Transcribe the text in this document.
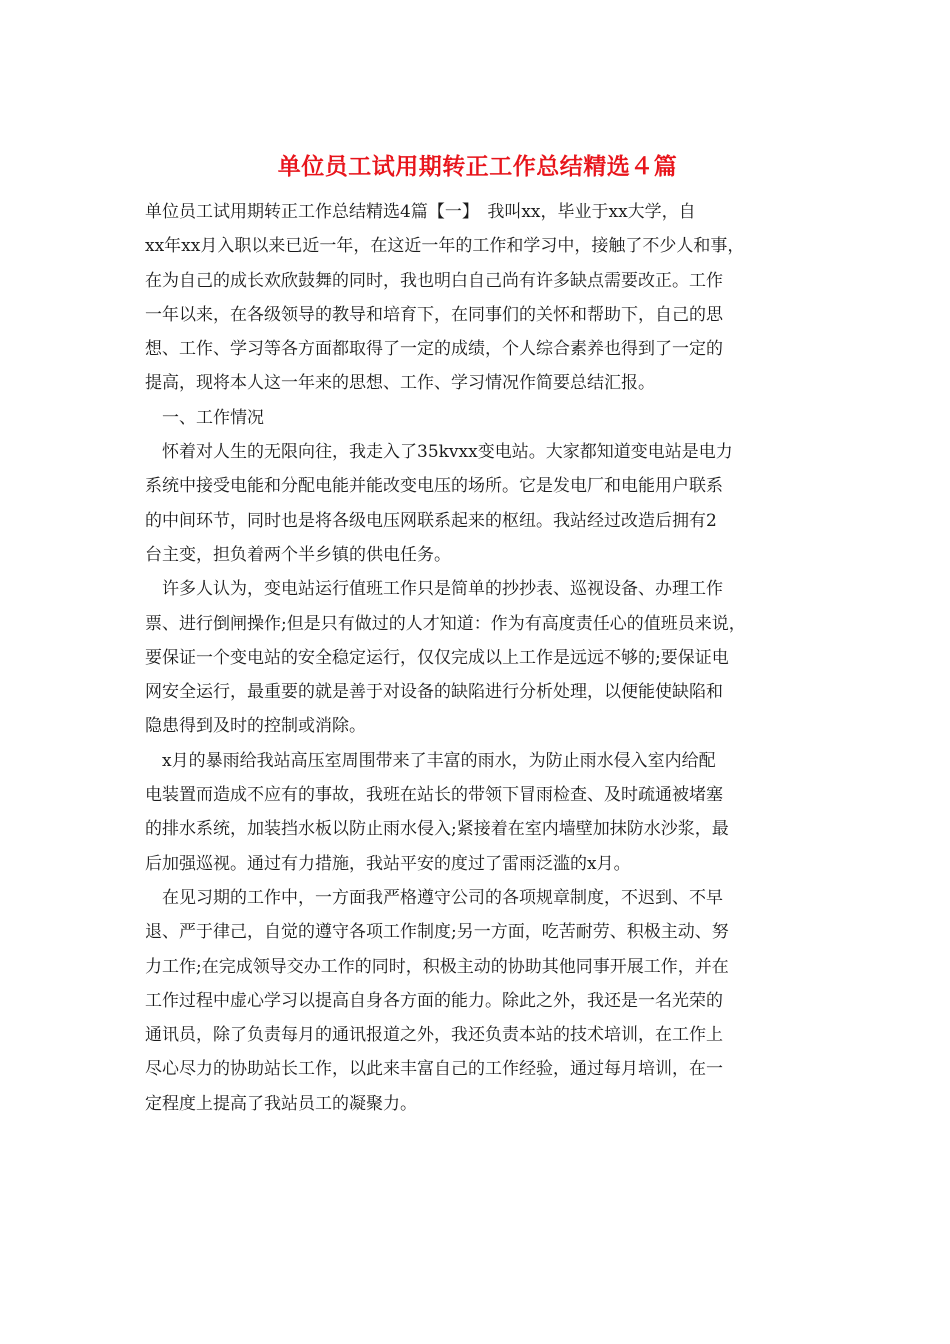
单位员工试用期转正工作总结精选４篇
单位员工试用期转正工作总结精选4篇【一】　我叫xx，毕业于xx大学，自
xx年xx月入职以来已近一年，在这近一年的工作和学习中，接触了不少人和事，
在为自己的成长欢欣鼓舞的同时，我也明白自己尚有许多缺点需要改正。工作
一年以来，在各级领导的教导和培育下，在同事们的关怀和帮助下，自己的思
想、工作、学习等各方面都取得了一定的成绩，个人综合素养也得到了一定的
提高，现将本人这一年来的思想、工作、学习情况作简要总结汇报。
一、工作情况
怀着对人生的无限向往，我走入了35kvxx变电站。大家都知道变电站是电力
系统中接受电能和分配电能并能改变电压的场所。它是发电厂和电能用户联系
的中间环节，同时也是将各级电压网联系起来的枢纽。我站经过改造后拥有2
台主变，担负着两个半乡镇的供电任务。
许多人认为，变电站运行值班工作只是简单的抄抄表、巡视设备、办理工作
票、进行倒闸操作;但是只有做过的人才知道：作为有高度责任心的值班员来说，
要保证一个变电站的安全稳定运行，仅仅完成以上工作是远远不够的;要保证电
网安全运行，最重要的就是善于对设备的缺陷进行分析处理，以便能使缺陷和
隐患得到及时的控制或消除。
x月的暴雨给我站高压室周围带来了丰富的雨水，为防止雨水侵入室内给配
电装置而造成不应有的事故，我班在站长的带领下冒雨检查、及时疏通被堵塞
的排水系统，加装挡水板以防止雨水侵入;紧接着在室内墙壁加抹防水沙浆，最
后加强巡视。通过有力措施，我站平安的度过了雷雨泛滥的x月。
在见习期的工作中，一方面我严格遵守公司的各项规章制度，不迟到、不早
退、严于律己，自觉的遵守各项工作制度;另一方面，吃苦耐劳、积极主动、努
力工作;在完成领导交办工作的同时，积极主动的协助其他同事开展工作，并在
工作过程中虚心学习以提高自身各方面的能力。除此之外，我还是一名光荣的
通讯员，除了负责每月的通讯报道之外，我还负责本站的技术培训，在工作上
尽心尽力的协助站长工作，以此来丰富自己的工作经验，通过每月培训，在一
定程度上提高了我站员工的凝聚力。
